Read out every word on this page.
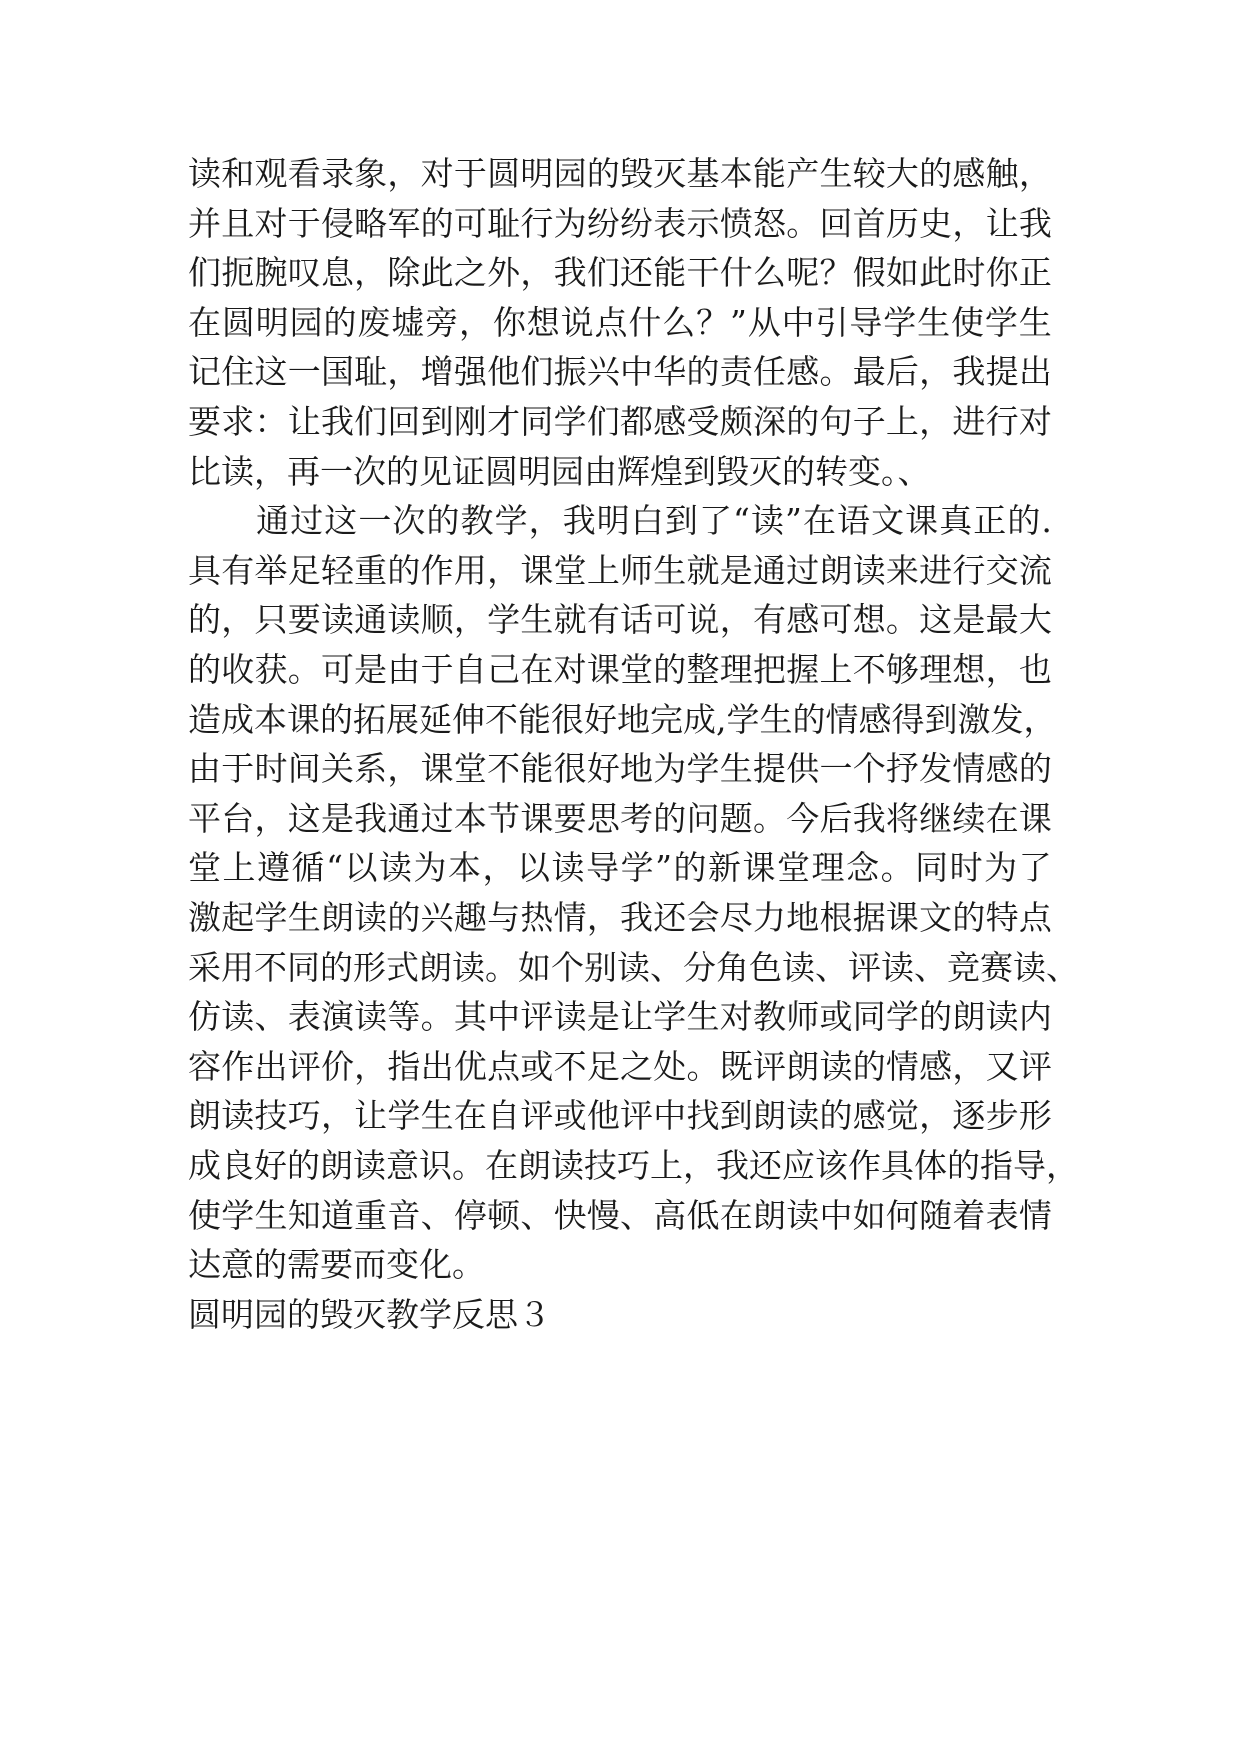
读 和 观 看 录 象 ， 对 于 圆 明 园 的 毁 灭 基 本 能 产 生 较 大 的 感 触 ，
并 且 对 于 侵 略 军 的 可 耻 行 为 纷 纷 表 示 愤 怒 。 回 首 历 史 ， 让 我
们 扼 腕 叹 息 ， 除 此 之 外 ， 我 们 还 能 干 什 么 呢 ？ 假 如 此 时 你 正
在 圆 明 园 的 废 墟 旁 ， 你 想 说 点 什 么 ？ ” 从 中 引 导 学 生 使 学 生
记 住 这 一 国 耻 ， 增 强 他 们 振 兴 中 华 的 责 任 感 。 最 后 ， 我 提 出
要 求 ： 让 我 们 回 到 刚 才 同 学 们 都 感 受 颇 深 的 句 子 上 ， 进 行 对
比读，再一次的见证圆明园由辉煌到毁灭的转变。、

通 过 这 一 次 的 教 学 ， 我 明 白 到 了 “ 读 ” 在 语 文 课 真 正 的 .
具 有 举 足 轻 重 的 作 用 ， 课 堂 上 师 生 就 是 通 过 朗 读 来 进 行 交 流
的 ， 只 要 读 通 读 顺 ， 学 生 就 有 话 可 说 ， 有 感 可 想 。 这 是 最 大
的 收 获 。 可 是 由 于 自 己 在 对 课 堂 的 整 理 把 握 上 不 够 理 想 ， 也
造 成 本 课 的 拓 展 延 伸 不 能 很 好 地 完 成 , 学 生 的 情 感 得 到 激 发 ，
由 于 时 间 关 系 ， 课 堂 不 能 很 好 地 为 学 生 提 供 一 个 抒 发 情 感 的
平 台 ， 这 是 我 通 过 本 节 课 要 思 考 的 问 题 。 今 后 我 将 继 续 在 课
堂 上 遵 循 “ 以 读 为 本 ， 以 读 导 学 ” 的 新 课 堂 理 念 。 同 时 为 了
激 起 学 生 朗 读 的 兴 趣 与 热 情 ， 我 还 会 尽 力 地 根 据 课 文 的 特 点
采 用 不 同 的 形 式 朗 读 。 如 个 别 读 、 分 角 色 读 、 评 读 、 竞 赛 读 、
仿 读 、 表 演 读 等 。 其 中 评 读 是 让 学 生 对 教 师 或 同 学 的 朗 读 内
容 作 出 评 价 ， 指 出 优 点 或 不 足 之 处 。 既 评 朗 读 的 情 感 ， 又 评
朗 读 技 巧 ， 让 学 生 在 自 评 或 他 评 中 找 到 朗 读 的 感 觉 ， 逐 步 形
成 良 好 的 朗 读 意 识 。 在 朗 读 技 巧 上 ， 我 还 应 该 作 具 体 的 指 导 ，
使 学 生 知 道 重 音 、 停 顿 、 快 慢 、 高 低 在 朗 读 中 如 何 随 着 表 情
达意的需要而变化。
圆明园的毁灭教学反思３
